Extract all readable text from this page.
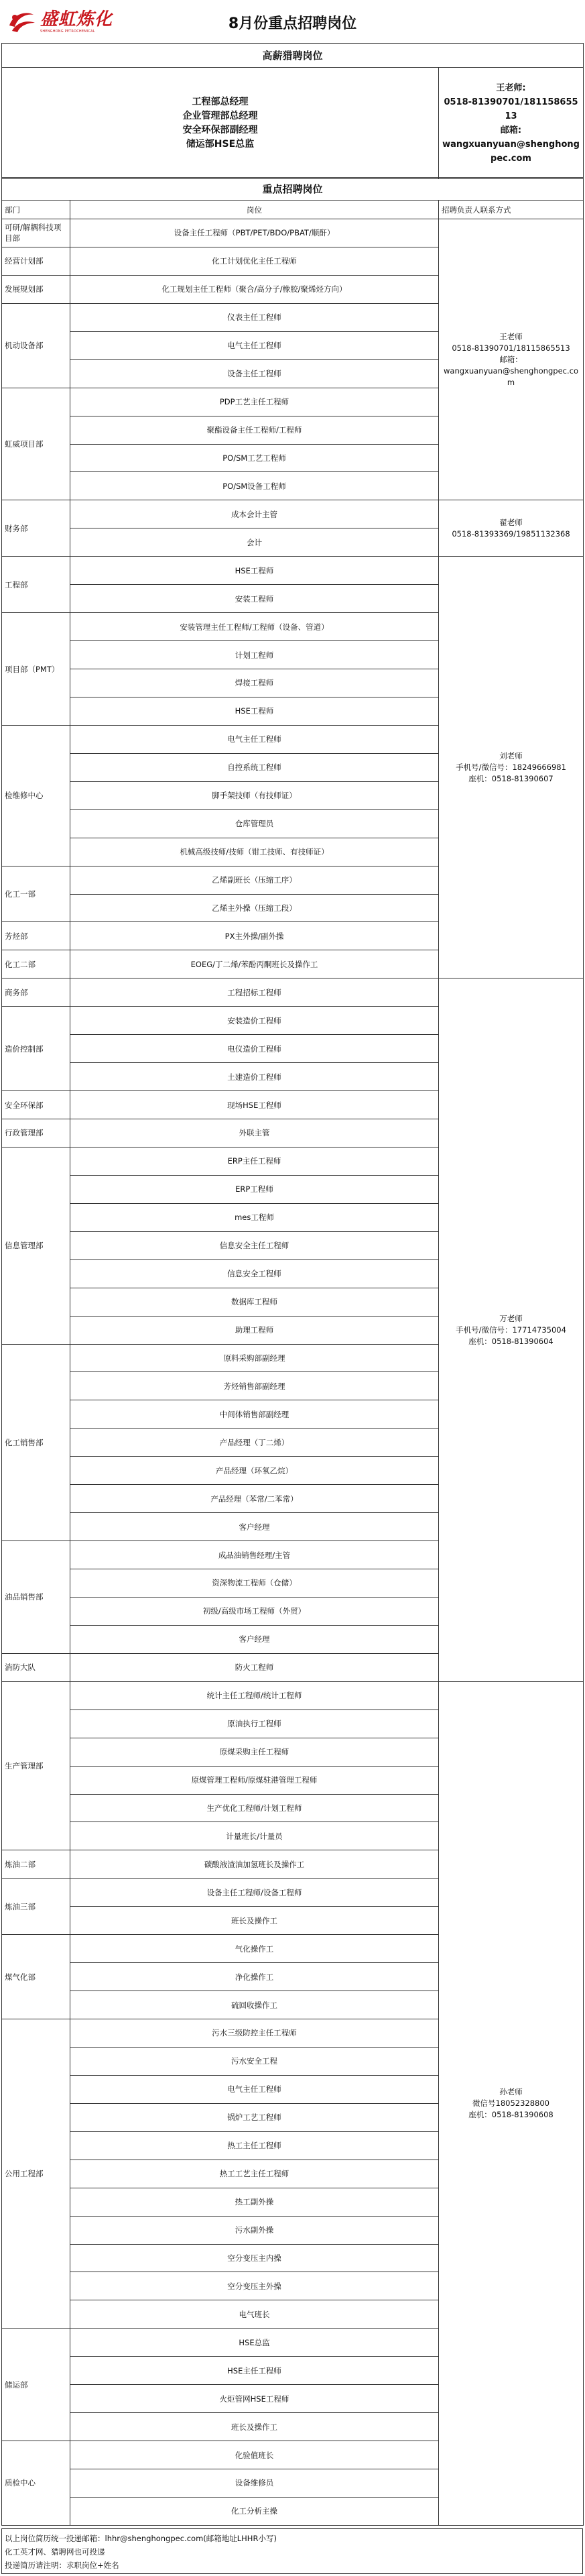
盛虹炼化
SHENGHONG PETROCHEMICAL	8月份重点招聘岗位
高薪猎聘岗位

工程部总经理
企业管理部总经理
安全环保部副经理
储运部HSE总监

王老师:
0518-81390701/18115865513
邮箱:
wangxuanyuan@shenghongpec.com
重点招聘岗位		
部门	岗位	招聘负责人联系方式
可研/解耦科技项目部	设备主任工程师（PBT/PET/BDO/PBAT/顺酐）	王老师
0518-81390701/18115865513
邮箱：
wangxuanyuan@shenghongpec.com

经营计划部	化工计划优化主任工程师	
发展规划部	化工规划主任工程师（聚合/高分子/橡胶/聚烯烃方向）	
机动设备部	仪表主任工程师	
	电气主任工程师	
	设备主任工程师	
虹威项目部	PDP工艺主任工程师	
	聚酯设备主任工程师/工程师	
	PO/SM工艺工程师	
	PO/SM设备工程师	
财务部	成本会计主管	翟老师
0518-81393369/19851132368

	会计	
工程部	HSE工程师	刘老师
手机号/微信号：18249666981
座机：0518-81390607

	安装工程师	
项目部（PMT）	安装管理主任工程师/工程师（设备、管道）	
	计划工程师	
	焊接工程师	
	HSE工程师	
检维修中心	电气主任工程师	
	自控系统工程师	
	脚手架技师（有技师证）	
	仓库管理员	
	机械高级技师/技师（钳工技师、有技师证）	
化工一部	乙烯副班长（压缩工序）	
	乙烯主外操（压缩工段）	
芳烃部	PX主外操/副外操	
化工二部	EOEG/丁二烯/苯酚丙酮班长及操作工	
商务部	工程招标工程师	万老师
手机号/微信号：17714735004
座机：0518-81390604

造价控制部	安装造价工程师	
	电仪造价工程师	
	土建造价工程师	
安全环保部	现场HSE工程师	
行政管理部	外联主管	
信息管理部	ERP主任工程师	
	ERP工程师	
	mes工程师	
	信息安全主任工程师	
	信息安全工程师	
	数据库工程师	
	助理工程师	
化工销售部	原料采购部副经理	
	芳烃销售部副经理	
	中间体销售部副经理	
	产品经理（丁二烯）	
	产品经理（环氧乙烷）	
	产品经理（苯常/二苯常）	
	客户经理	
油品销售部	成品油销售经理/主管	
	资深物流工程师（仓储）	
	初级/高级市场工程师（外贸）	
	客户经理	
消防大队	防火工程师	
生产管理部	统计主任工程师/统计工程师	孙老师
微信号18052328800
座机：0518-81390608

	原油执行工程师	
	原煤采购主任工程师	
	原煤管理工程师/原煤驻港管理工程师	
	生产优化工程师/计划工程师	
	计量班长/计量员	
炼油二部	碳酸液渣油加氢班长及操作工	
炼油三部	设备主任工程师/设备工程师	
	班长及操作工	
煤气化部	气化操作工	
	净化操作工	
	硫回收操作工	
公用工程部	污水三级防控主任工程师	
	污水安全工程	
	电气主任工程师	
	锅炉工艺工程师	
	热工主任工程师	
	热工工艺主任工程师	
	热工副外操	
	污水副外操	
	空分变压主内操	
	空分变压主外操	
	电气班长	
储运部	HSE总监	
	HSE主任工程师	
	火炬管网HSE工程师	
	班长及操作工	
质检中心	化验值班长	
	设备维修员	
	化工分析主操	
以上岗位简历统一投递邮箱：lhhr@shenghongpec.com(邮箱地址LHHR小写)
化工英才网、猎聘网也可投递
投递简历请注明：求职岗位+姓名
